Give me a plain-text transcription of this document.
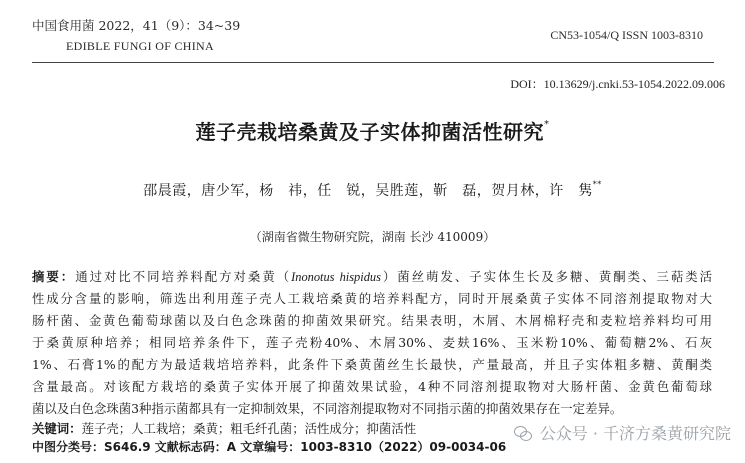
中国食用菌 2022，41（9）：34~39
EDIBLE FUNGI OF CHINA
CN53-1054/Q ISSN 1003-8310
DOI：10.13629/j.cnki.53-1054.2022.09.006
莲子壳栽培桑黄及子实体抑菌活性研究*
邵晨霞，唐少军，杨　祎，任　锐，吴胜莲，靳　磊，贺月林，许　隽**
（湖南省微生物研究院，湖南 长沙 410009）
摘要：通过对比不同培养料配方对桑黄（Inonotus hispidus）菌丝萌发、子实体生长及多糖、黄酮类、三萜类活
性成分含量的影响，筛选出利用莲子壳人工栽培桑黄的培养料配方，同时开展桑黄子实体不同溶剂提取物对大
肠杆菌、金黄色葡萄球菌以及白色念珠菌的抑菌效果研究。结果表明，木屑、木屑棉籽壳和麦粒培养料均可用
于桑黄原种培养；相同培养条件下，莲子壳粉40%、木屑30%、麦麸16%、玉米粉10%、葡萄糖2%、石灰
1%、石膏1%的配方为最适栽培培养料，此条件下桑黄菌丝生长最快，产量最高，并且子实体粗多糖、黄酮类
含量最高。对该配方栽培的桑黄子实体开展了抑菌效果试验，4种不同溶剂提取物对大肠杆菌、金黄色葡萄球
菌以及白色念珠菌3种指示菌都具有一定抑制效果，不同溶剂提取物对不同指示菌的抑菌效果存在一定差异。
关键词：莲子壳；人工栽培；桑黄；粗毛纤孔菌；活性成分；抑菌活性
中图分类号：S646.9 文献标志码：A 文章编号：1003-8310（2022）09-0034-06
公众号 · 千济方桑黄研究院
